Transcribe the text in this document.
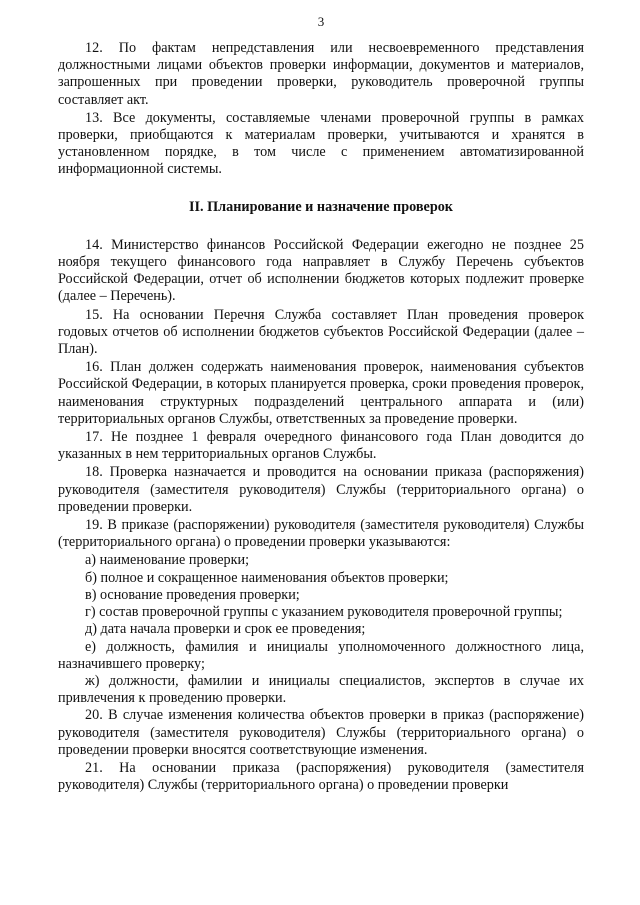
3

12. По фактам непредставления или несвоевременного представления должностными лицами объектов проверки информации, документов и материалов, запрошенных при проведении проверки, руководитель проверочной группы составляет акт.

13. Все документы, составляемые членами проверочной группы в рамках проверки, приобщаются к материалам проверки, учитываются и хранятся в установленном порядке, в том числе с применением автоматизированной информационной системы.

II. Планирование и назначение проверок

14. Министерство финансов Российской Федерации ежегодно не позднее 25 ноября текущего финансового года направляет в Службу Перечень субъектов Российской Федерации, отчет об исполнении бюджетов которых подлежит проверке (далее – Перечень).

15. На основании Перечня Служба составляет План проведения проверок годовых отчетов об исполнении бюджетов субъектов Российской Федерации (далее – План).

16. План должен содержать наименования проверок, наименования субъектов Российской Федерации, в которых планируется проверка, сроки проведения проверок, наименования структурных подразделений центрального аппарата и (или) территориальных органов Службы, ответственных за проведение проверки.

17. Не позднее 1 февраля очередного финансового года План доводится до указанных в нем территориальных органов Службы.

18. Проверка назначается и проводится на основании приказа (распоряжения) руководителя (заместителя руководителя) Службы (территориального органа) о проведении проверки.

19. В приказе (распоряжении) руководителя (заместителя руководителя) Службы (территориального органа) о проведении проверки указываются:

а) наименование проверки;

б) полное и сокращенное наименования объектов проверки;

в) основание проведения проверки;

г) состав проверочной группы с указанием руководителя проверочной группы;

д) дата начала проверки и срок ее проведения;

е) должность, фамилия и инициалы уполномоченного должностного лица, назначившего проверку;

ж) должности, фамилии и инициалы специалистов, экспертов в случае их привлечения к проведению проверки.

20. В случае изменения количества объектов проверки в приказ (распоряжение) руководителя (заместителя руководителя) Службы (территориального органа) о проведении проверки вносятся соответствующие изменения.

21. На основании приказа (распоряжения) руководителя (заместителя руководителя) Службы (территориального органа) о проведении проверки
